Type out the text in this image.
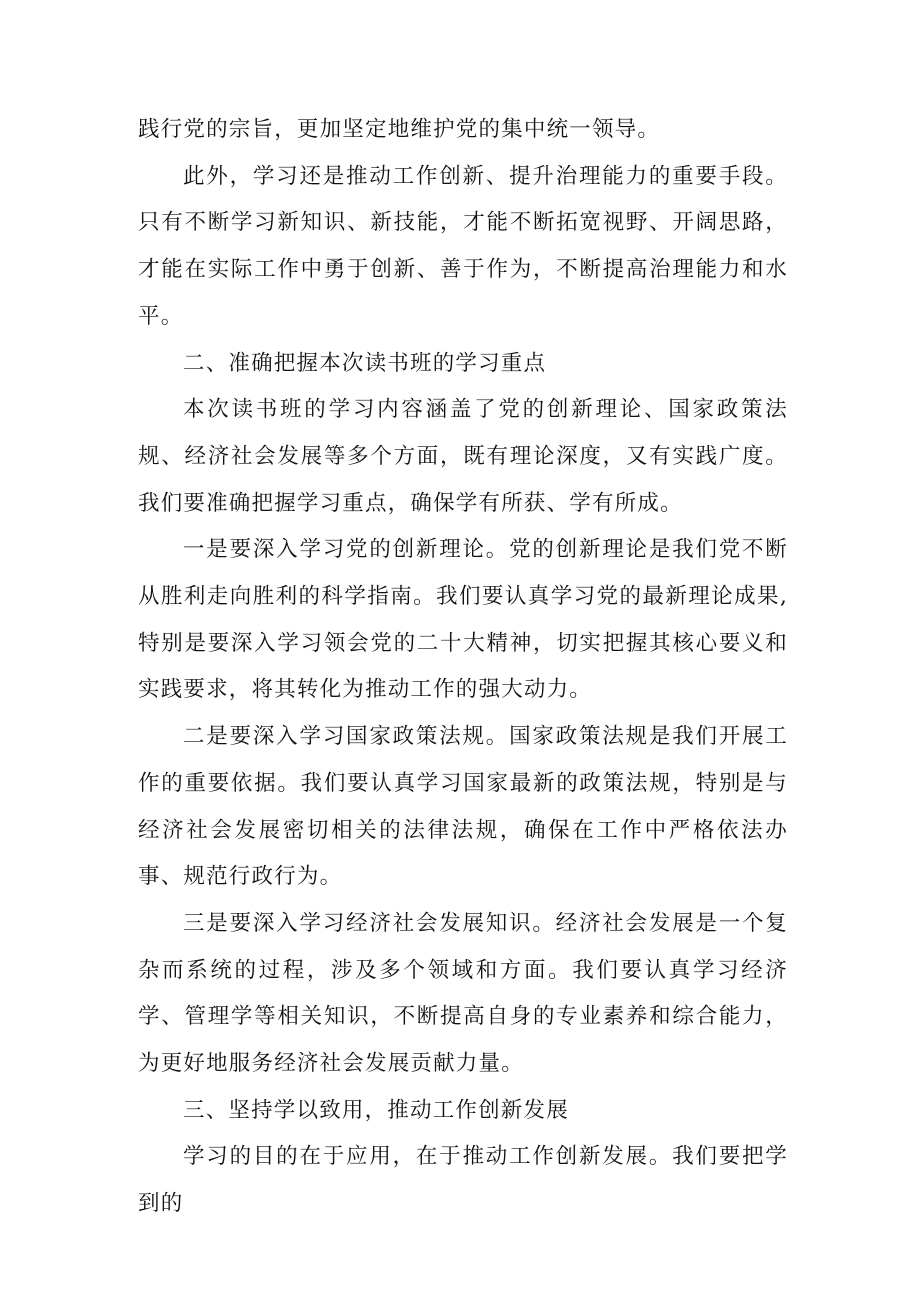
践行党的宗旨，更加坚定地维护党的集中统一领导。

此外，学习还是推动工作创新、提升治理能力的重要手段。只有不断学习新知识、新技能，才能不断拓宽视野、开阔思路，才能在实际工作中勇于创新、善于作为，不断提高治理能力和水平。

二、准确把握本次读书班的学习重点

本次读书班的学习内容涵盖了党的创新理论、国家政策法规、经济社会发展等多个方面，既有理论深度，又有实践广度。我们要准确把握学习重点，确保学有所获、学有所成。

一是要深入学习党的创新理论。党的创新理论是我们党不断从胜利走向胜利的科学指南。我们要认真学习党的最新理论成果,特别是要深入学习领会党的二十大精神，切实把握其核心要义和实践要求，将其转化为推动工作的强大动力。

二是要深入学习国家政策法规。国家政策法规是我们开展工作的重要依据。我们要认真学习国家最新的政策法规，特别是与经济社会发展密切相关的法律法规，确保在工作中严格依法办事、规范行政行为。

三是要深入学习经济社会发展知识。经济社会发展是一个复杂而系统的过程，涉及多个领域和方面。我们要认真学习经济学、管理学等相关知识，不断提高自身的专业素养和综合能力，为更好地服务经济社会发展贡献力量。

三、坚持学以致用，推动工作创新发展

学习的目的在于应用，在于推动工作创新发展。我们要把学到的
